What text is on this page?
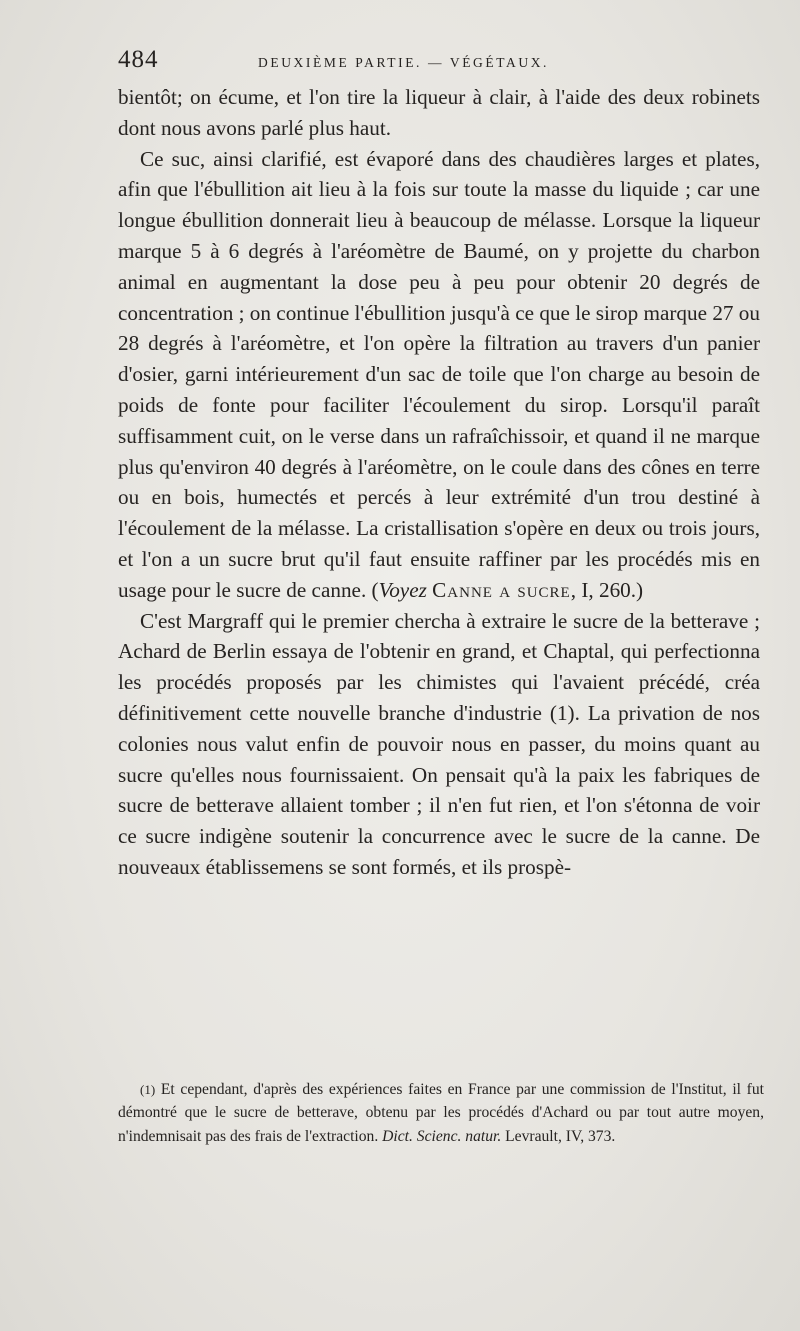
484	DEUXIÈME PARTIE. — VÉGÉTAUX.

bientôt; on écume, et l'on tire la liqueur à clair, à l'aide des deux robinets dont nous avons parlé plus haut.

Ce suc, ainsi clarifié, est évaporé dans des chaudières larges et plates, afin que l'ébullition ait lieu à la fois sur toute la masse du liquide ; car une longue ébullition donnerait lieu à beaucoup de mélasse. Lorsque la liqueur marque 5 à 6 degrés à l'aréomètre de Baumé, on y projette du charbon animal en augmentant la dose peu à peu pour obtenir 20 degrés de concentration ; on continue l'ébullition jusqu'à ce que le sirop marque 27 ou 28 degrés à l'aréomètre, et l'on opère la filtration au travers d'un panier d'osier, garni intérieurement d'un sac de toile que l'on charge au besoin de poids de fonte pour faciliter l'écoulement du sirop. Lorsqu'il paraît suffisamment cuit, on le verse dans un rafraîchissoir, et quand il ne marque plus qu'environ 40 degrés à l'aréomètre, on le coule dans des cônes en terre ou en bois, humectés et percés à leur extrémité d'un trou destiné à l'écoulement de la mélasse. La cristallisation s'opère en deux ou trois jours, et l'on a un sucre brut qu'il faut ensuite raffiner par les procédés mis en usage pour le sucre de canne. (Voyez Canne a sucre, I, 260.)

C'est Margraff qui le premier chercha à extraire le sucre de la betterave ; Achard de Berlin essaya de l'obtenir en grand, et Chaptal, qui perfectionna les procédés proposés par les chimistes qui l'avaient précédé, créa définitivement cette nouvelle branche d'industrie (1). La privation de nos colonies nous valut enfin de pouvoir nous en passer, du moins quant au sucre qu'elles nous fournissaient. On pensait qu'à la paix les fabriques de sucre de betterave allaient tomber ; il n'en fut rien, et l'on s'étonna de voir ce sucre indigène soutenir la concurrence avec le sucre de la canne. De nouveaux établissemens se sont formés, et ils prospè-

(1) Et cependant, d'après des expériences faites en France par une commission de l'Institut, il fut démontré que le sucre de betterave, obtenu par les procédés d'Achard ou par tout autre moyen, n'indemnisait pas des frais de l'extraction. Dict. Scienc. natur. Levrault, IV, 373.
